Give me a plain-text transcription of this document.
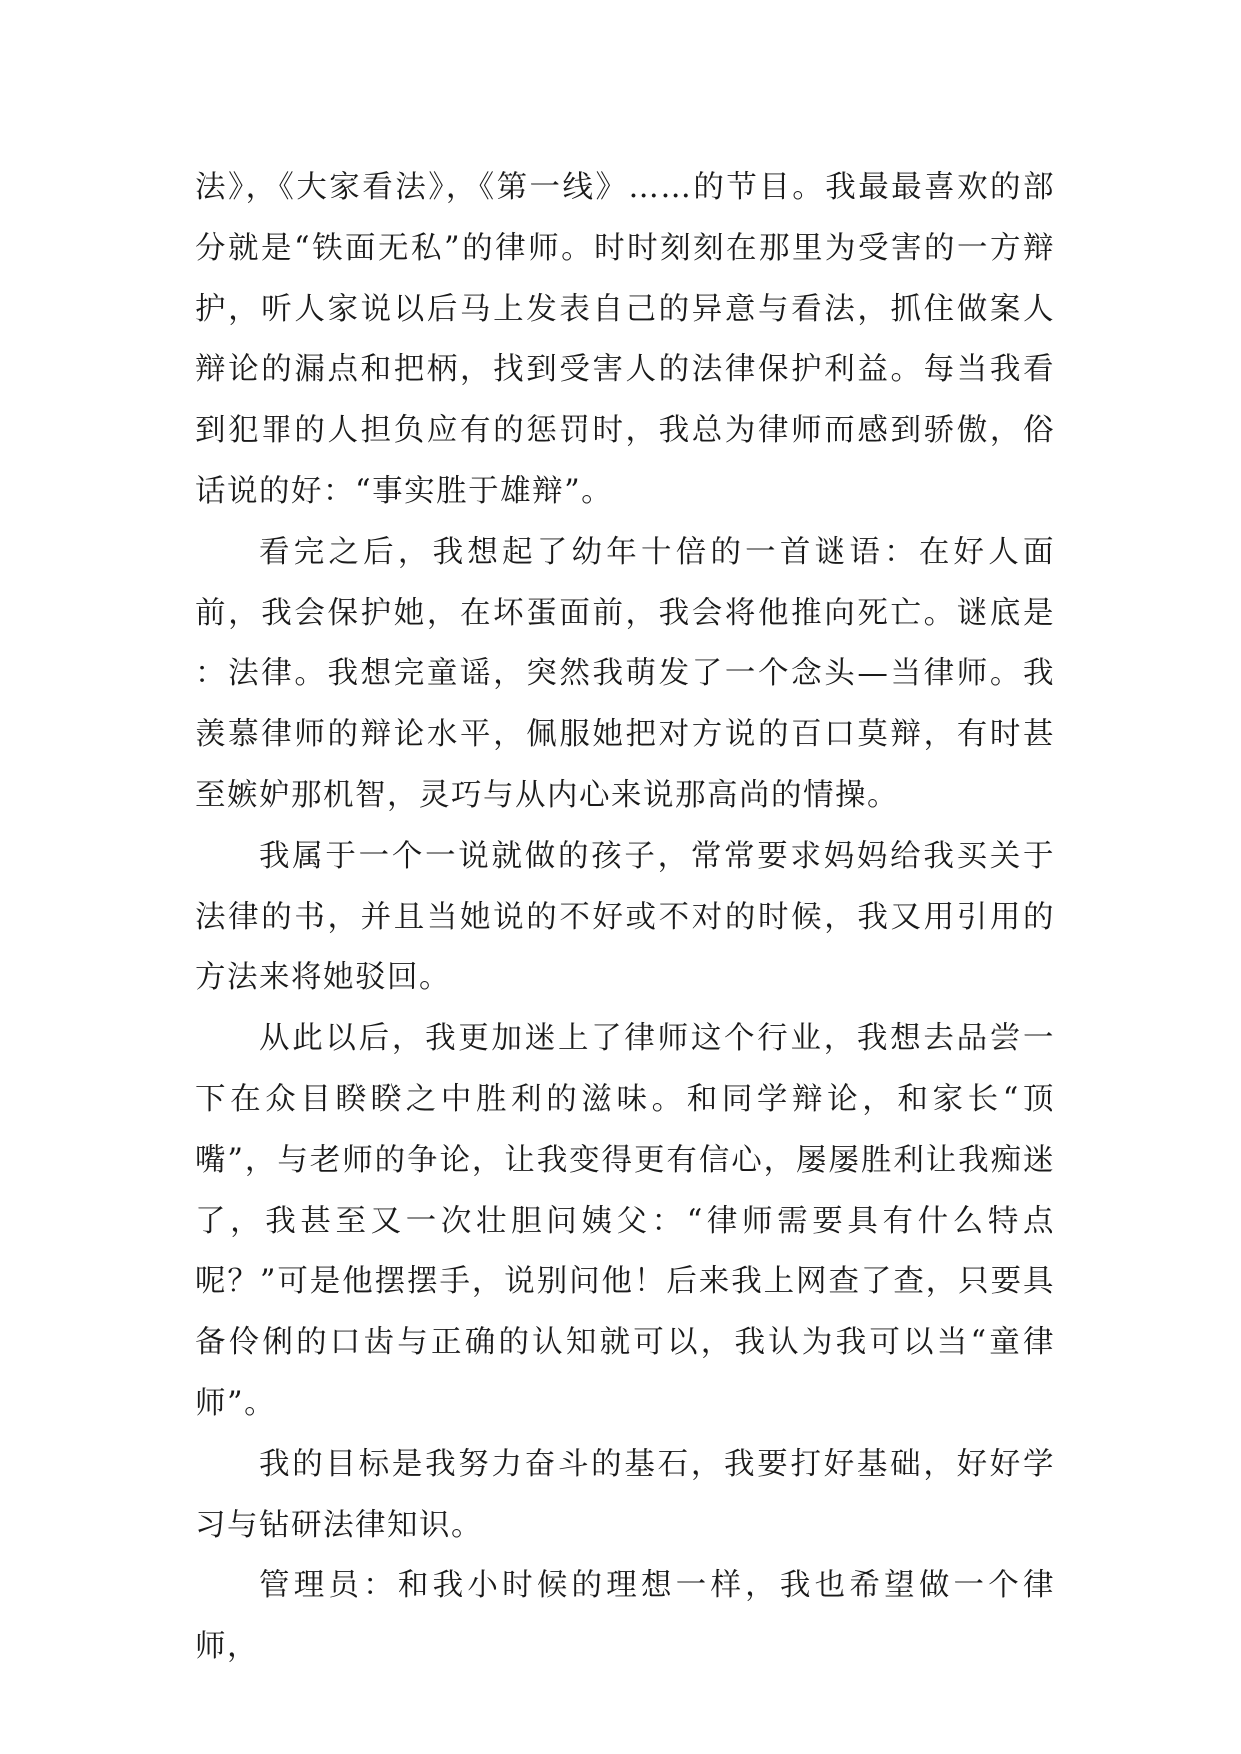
法》，《大家看法》，《第一线》……的节目。我最最喜欢的部分就是“铁面无私”的律师。时时刻刻在那里为受害的一方辩护，听人家说以后马上发表自己的异意与看法，抓住做案人辩论的漏点和把柄，找到受害人的法律保护利益。每当我看到犯罪的人担负应有的惩罚时，我总为律师而感到骄傲，俗话说的好：“事实胜于雄辩”。

看完之后，我想起了幼年十倍的一首谜语：在好人面前，我会保护她，在坏蛋面前，我会将他推向死亡。谜底是 ：法律。我想完童谣，突然我萌发了一个念头—当律师。我羡慕律师的辩论水平，佩服她把对方说的百口莫辩，有时甚至嫉妒那机智，灵巧与从内心来说那高尚的情操。

我属于一个一说就做的孩子，常常要求妈妈给我买关于法律的书，并且当她说的不好或不对的时候，我又用引用的方法来将她驳回。

从此以后，我更加迷上了律师这个行业，我想去品尝一下在众目睽睽之中胜利的滋味。和同学辩论，和家长“顶嘴”，与老师的争论，让我变得更有信心，屡屡胜利让我痴迷了，我甚至又一次壮胆问姨父：“律师需要具有什么特点呢？”可是他摆摆手，说别问他！后来我上网查了查，只要具备伶俐的口齿与正确的认知就可以，我认为我可以当“童律师”。

我的目标是我努力奋斗的基石，我要打好基础，好好学习与钻研法律知识。

管理员：和我小时候的理想一样，我也希望做一个律师，
